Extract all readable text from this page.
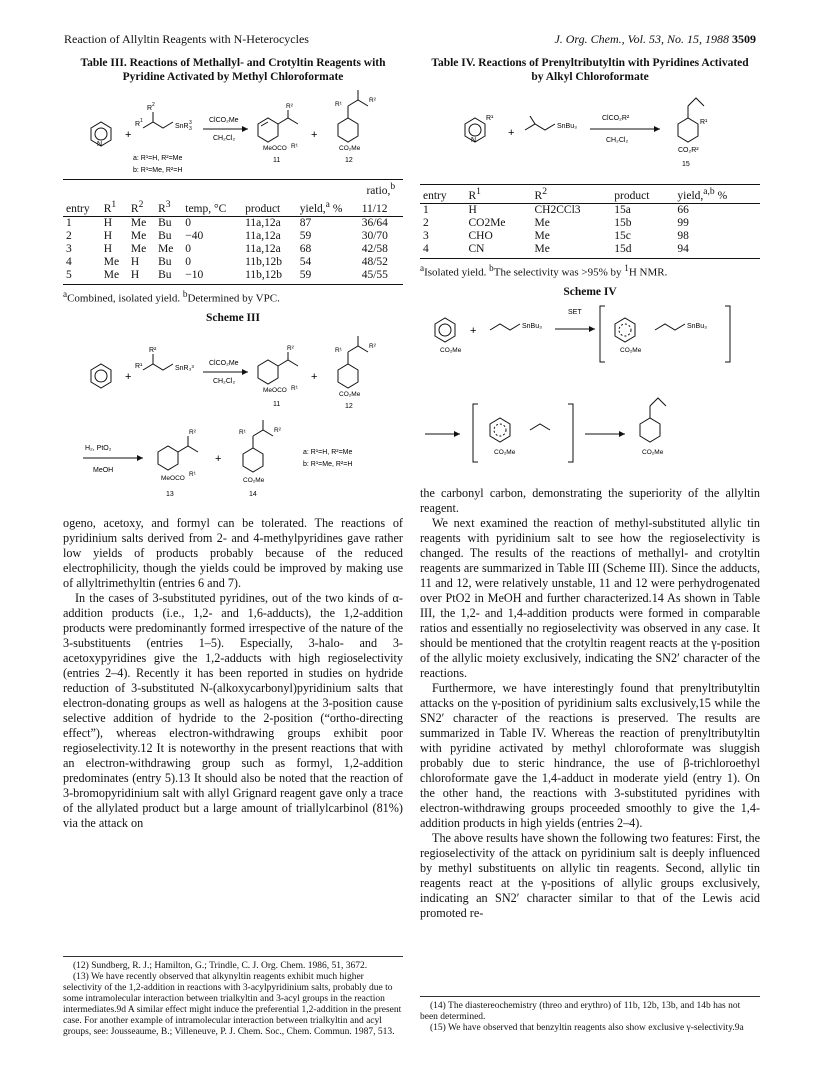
Reaction of Allyltin Reagents with N-Heterocycles	J. Org. Chem., Vol. 53, No. 15, 1988 3509
Table III. Reactions of Methallyl- and Crotyltin Reagents with Pyridine Activated by Methyl Chloroformate
N
+
R 2
R 1
SnR 3
3 ClCO₂Me
CH₂Cl₂
a: R¹=H, R²=Me
b: R¹=Me, R²=H
MeOCO R¹
R²
11
+
R¹
R²
CO₂Me
12
							ratio,$^b$
entry	$R^1$	$R^2$	$R^3$	temp, °C	product	yield,$^a$ %	11/12
1	H	Me	Bu	0	11a,12a	87	36/64
2	H	Me	Bu	−40	11a,12a	59	30/70
3	H	Me	Me	0	11a,12a	68	42/58
4	Me	H	Bu	0	11b,12b	54	48/52
5	Me	H	Bu	−10	11b,12b	59	45/55
$^a$Combined, isolated yield. $^b$Determined by VPC.
Scheme III
+
SnR₃³
R¹
R²
ClCO₂Me
CH₂Cl₂
MeOCO R¹
R²
11
+
R¹
R²
CO₂Me
12
H₂, PtO₂
MeOH
MeOCO
R¹
R²
13
+
R¹	R²
CO₂Me
14
a: R¹=H, R²=Me
b: R¹=Me, R²=H

ogeno, acetoxy, and formyl can be tolerated. The reactions of pyridinium salts derived from 2- and 4-methylpyridines gave rather low yields of products probably because of the reduced electrophilicity, though the yields could be improved by making use of allyltrimethyltin (entries 6 and 7).

In the cases of 3-substituted pyridines, out of the two kinds of α-addition products (i.e., 1,2- and 1,6-adducts), the 1,2-addition products were predominantly formed irrespective of the nature of the 3-substituents (entries 1–5). Especially, 3-halo- and 3-acetoxypyridines give the 1,2-adducts with high regioselectivity (entries 2–4). Recently it has been reported in studies on hydride reduction of 3-substituted N-(alkoxycarbonyl)pyridinium salts that electron-donating groups as well as halogens at the 3-position cause selective addition of hydride to the 2-position (“ortho-directing effect”), whereas electron-withdrawing groups exhibit poor regioselectivity.12 It is noteworthy in the present reactions that with an electron-withdrawing group such as formyl, 1,2-addition predominates (entry 5).13 It should also be noted that the reaction of 3-bromopyridinium salt with allyl Grignard reagent gave only a trace of the allylated product but a large amount of triallylcarbinol (81%) via the attack on

(12) Sundberg, R. J.; Hamilton, G.; Trindle, C. J. Org. Chem. 1986, 51, 3672.
(13) We have recently observed that alkynyltin reagents exhibit much higher selectivity of the 1,2-addition in reactions with 3-acylpyridinium salts, probably due to some intramolecular interaction between trialkyltin and 3-acyl groups in the reaction intermediates.9d A similar effect might induce the preferential 1,2-addition in the present case. For another example of intramolecular interaction between trialkyltin and acyl groups, see: Jousseaume, B.; Villeneuve, P. J. Chem. Soc., Chem. Commun. 1987, 513.
Table IV. Reactions of Prenyltributyltin with Pyridines Activated by Alkyl Chloroformate
R¹
N
+
SnBu₃
ClCO₂R²
CH₂Cl₂
R¹
CO₂R²
15
entry	$R^1$	$R^2$	product	yield,$^{a,b}$ %
1	H	CH2CCl3	15a	66
2	CO2Me	Me	15b	99
3	CHO	Me	15c	98
4	CN	Me	15d	94
$^a$Isolated yield. $^b$The selectivity was >95% by $^1$H NMR.
Scheme IV
CO₂Me
+	SnBu₃
SET
CO₂Me
SnBu₃
CO₂Me	CO₂Me

the carbonyl carbon, demonstrating the superiority of the allyltin reagent.

We next examined the reaction of methyl-substituted allylic tin reagents with pyridinium salt to see how the regioselectivity is changed. The results of the reactions of methallyl- and crotyltin reagents are summarized in Table III (Scheme III). Since the adducts, 11 and 12, were relatively unstable, 11 and 12 were perhydrogenated over PtO2 in MeOH and further characterized.14 As shown in Table III, the 1,2- and 1,4-addition products were formed in comparable ratios and essentially no regioselectivity was observed in any case. It should be mentioned that the crotyltin reagent reacts at the γ-position of the allylic moiety exclusively, indicating the SN2′ character of the reactions.

Furthermore, we have interestingly found that prenyltributyltin attacks on the γ-position of pyridinium salts exclusively,15 while the SN2′ character of the reactions is preserved. The results are summarized in Table IV. Whereas the reaction of prenyltributyltin with pyridine activated by methyl chloroformate was sluggish probably due to steric hindrance, the use of β-trichloroethyl chloroformate gave the 1,4-adduct in moderate yield (entry 1). On the other hand, the reactions with 3-substituted pyridines with electron-withdrawing groups proceeded smoothly to give the 1,4-addition products in high yields (entries 2–4).

The above results have shown the following two features: First, the regioselectivity of the attack on pyridinium salt is deeply influenced by methyl substituents on allylic tin reagents. Second, allylic tin reagents react at the γ-positions of allylic groups exclusively, indicating an SN2′ character similar to that of the Lewis acid promoted re-

(14) The diastereochemistry (threo and erythro) of 11b, 12b, 13b, and 14b has not been determined.
(15) We have observed that benzyltin reagents also show exclusive γ-selectivity.9a
